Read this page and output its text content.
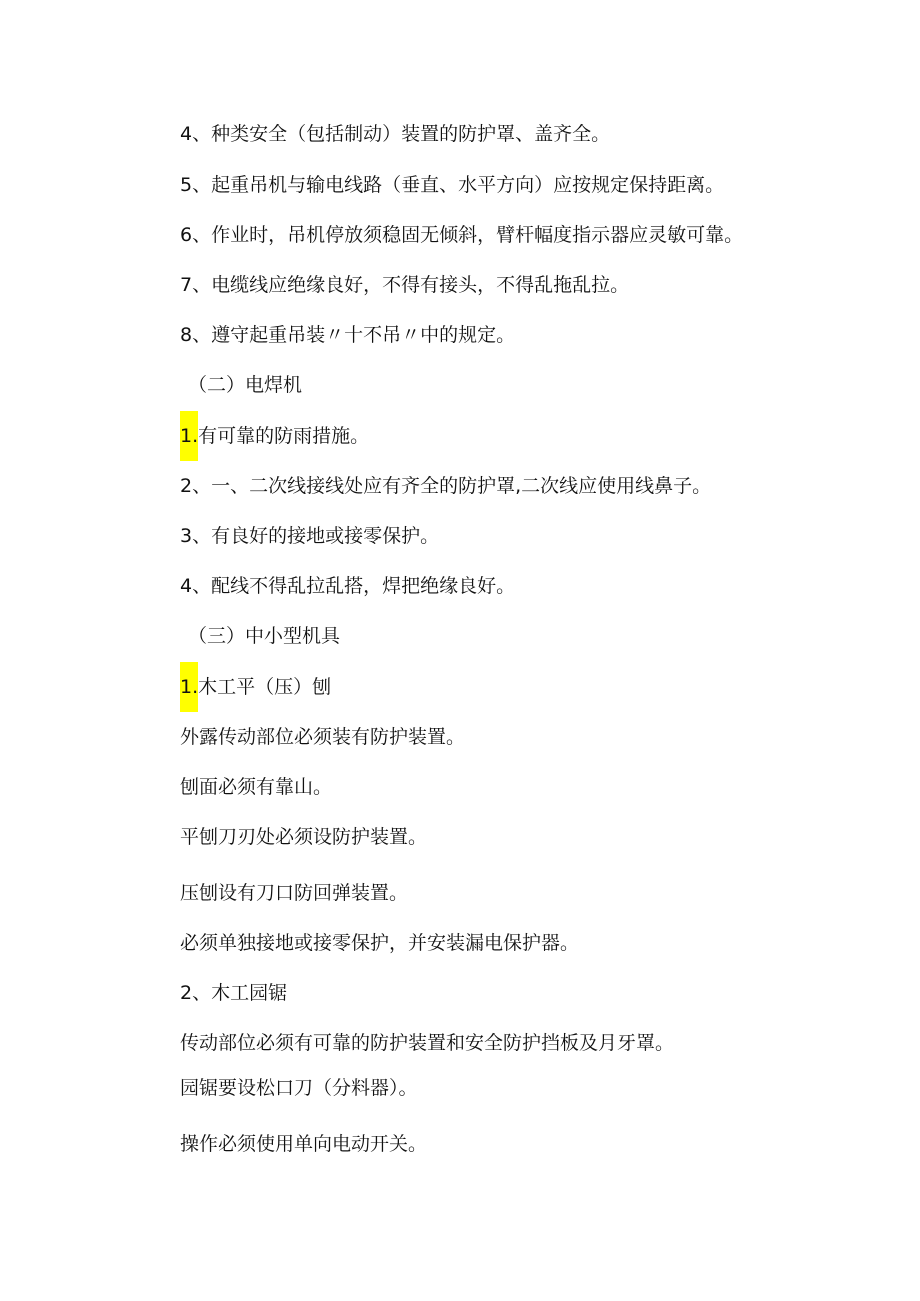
4、种类安全（包括制动）装置的防护罩、盖齐全。

5、起重吊机与输电线路（垂直、水平方向）应按规定保持距离。

6、作业时，吊机停放须稳固无倾斜，臂杆幅度指示器应灵敏可靠。

7、电缆线应绝缘良好，不得有接头，不得乱拖乱拉。

8、遵守起重吊装〃十不吊〃中的规定。

（二）电焊机

1.有可靠的防雨措施。

2、一、二次线接线处应有齐全的防护罩,二次线应使用线鼻子。

3、有良好的接地或接零保护。

4、配线不得乱拉乱搭，焊把绝缘良好。

（三）中小型机具

1.木工平（压）刨

外露传动部位必须装有防护装置。

刨面必须有靠山。

平刨刀刃处必须设防护装置。

压刨设有刀口防回弹装置。

必须单独接地或接零保护，并安装漏电保护器。

2、木工园锯

传动部位必须有可靠的防护装置和安全防护挡板及月牙罩。

园锯要设松口刀（分料器）。

操作必须使用单向电动开关。
